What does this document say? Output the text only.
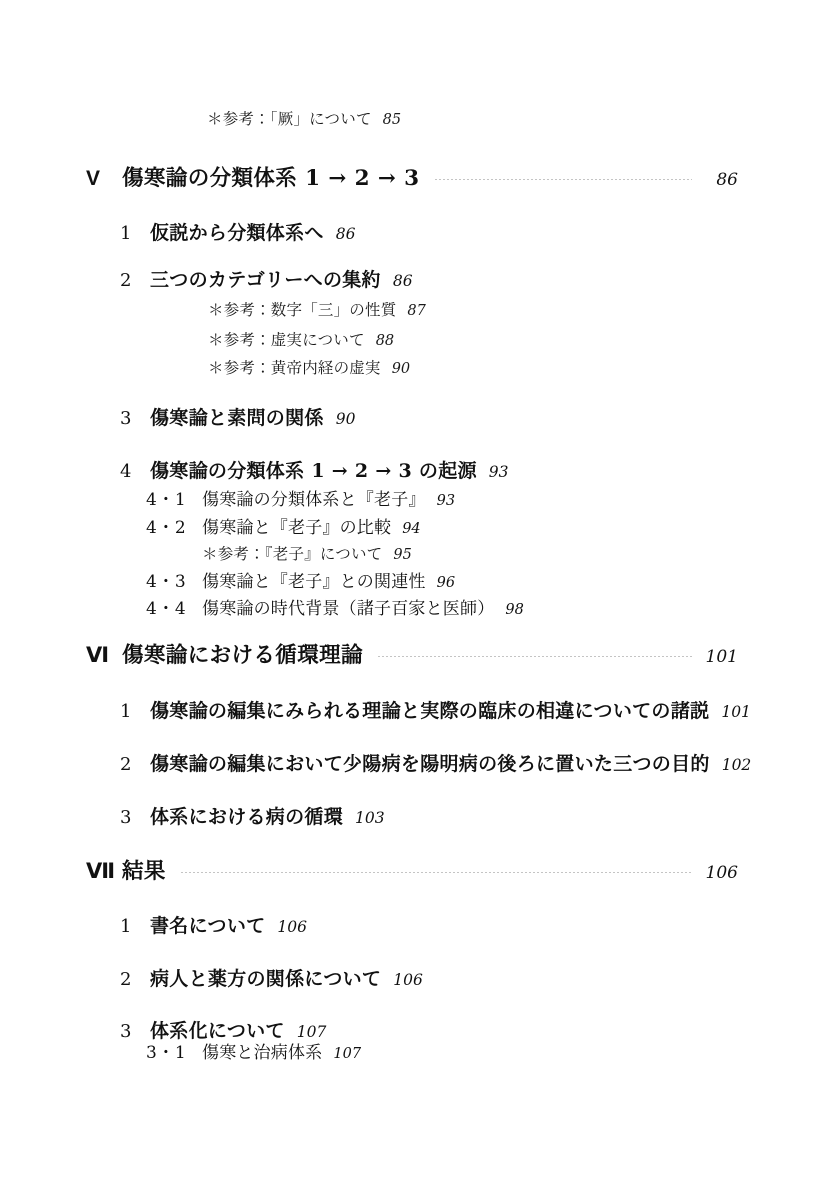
＊参考：「厥」について 85
V	傷寒論の分類体系 1 → 2 → 3	86
1 仮説から分類体系へ 86
2 三つのカテゴリーへの集約 86
＊参考：数字「三」の性質 87
＊参考：虚実について 88
＊参考：黄帝内経の虚実 90
3 傷寒論と素問の関係 90
4 傷寒論の分類体系 1 → 2 → 3 の起源 93
4・1 傷寒論の分類体系と『老子』 93
4・2 傷寒論と『老子』の比較 94
＊参考：『老子』について 95
4・3 傷寒論と『老子』との関連性 96
4・4 傷寒論の時代背景（諸子百家と医師） 98
Ⅵ 傷寒論における循環理論	101
1 傷寒論の編集にみられる理論と実際の臨床の相違についての諸説 101
2 傷寒論の編集において少陽病を陽明病の後ろに置いた三つの目的 102
3 体系における病の循環 103
Ⅶ 結果	106
1 書名について 106
2 病人と薬方の関係について 106
3 体系化について 107
3・1 傷寒と治病体系 107
